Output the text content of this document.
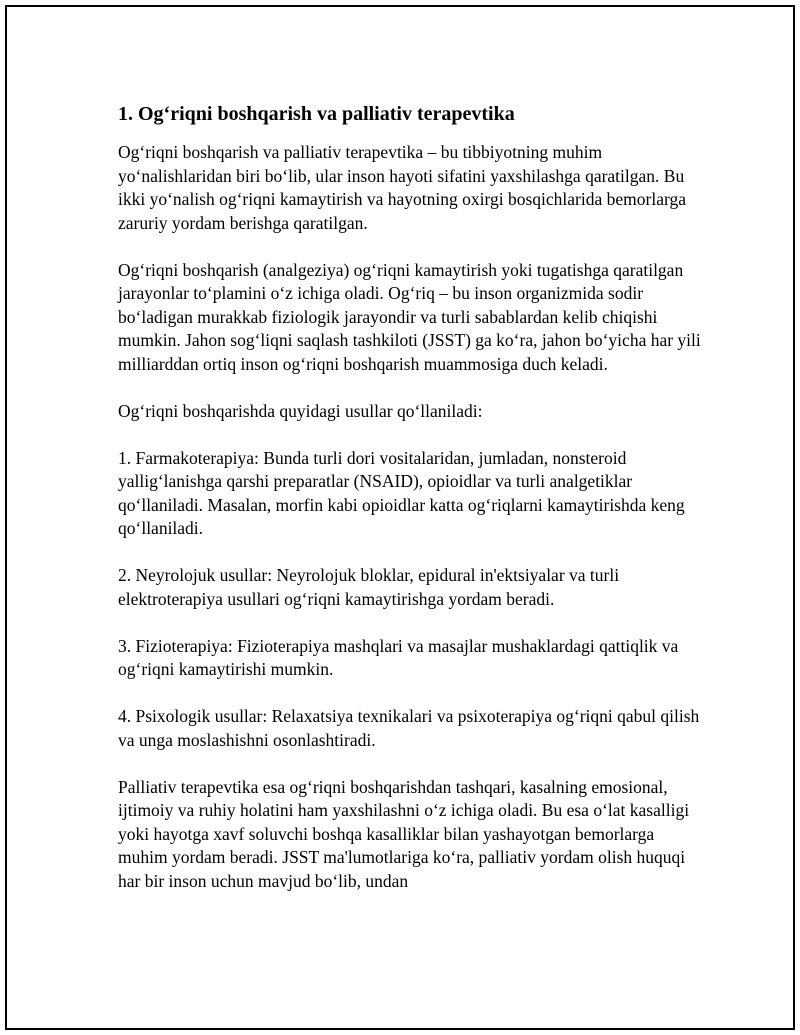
1. Og‘riqni boshqarish va palliativ terapevtika

Og‘riqni boshqarish va palliativ terapevtika – bu tibbiyotning muhim yo‘nalishlaridan biri bo‘lib, ular inson hayoti sifatini yaxshilashga qaratilgan. Bu ikki yo‘nalish og‘riqni kamaytirish va hayotning oxirgi bosqichlarida bemorlarga zaruriy yordam berishga qaratilgan.

Og‘riqni boshqarish (analgeziya) og‘riqni kamaytirish yoki tugatishga qaratilgan jarayonlar to‘plamini o‘z ichiga oladi. Og‘riq – bu inson organizmida sodir bo‘ladigan murakkab fiziologik jarayondir va turli sabablardan kelib chiqishi mumkin. Jahon sog‘liqni saqlash tashkiloti (JSST) ga ko‘ra, jahon bo‘yicha har yili milliarddan ortiq inson og‘riqni boshqarish muammosiga duch keladi.

Og‘riqni boshqarishda quyidagi usullar qo‘llaniladi:

1. Farmakoterapiya: Bunda turli dori vositalaridan, jumladan, nonsteroid yallig‘lanishga qarshi preparatlar (NSAID), opioidlar va turli analgetiklar qo‘llaniladi. Masalan, morfin kabi opioidlar katta og‘riqlarni kamaytirishda keng qo‘llaniladi.

2. Neyrolojuk usullar: Neyrolojuk bloklar, epidural in'ektsiyalar va turli elektroterapiya usullari og‘riqni kamaytirishga yordam beradi.

3. Fizioterapiya: Fizioterapiya mashqlari va masajlar mushaklardagi qattiqlik va og‘riqni kamaytirishi mumkin.

4. Psixologik usullar: Relaxatsiya texnikalari va psixoterapiya og‘riqni qabul qilish va unga moslashishni osonlashtiradi.

Palliativ terapevtika esa og‘riqni boshqarishdan tashqari, kasalning emosional, ijtimoiy va ruhiy holatini ham yaxshilashni o‘z ichiga oladi. Bu esa o‘lat kasalligi yoki hayotga xavf soluvchi boshqa kasalliklar bilan yashayotgan bemorlarga muhim yordam beradi. JSST ma'lumotlariga ko‘ra, palliativ yordam olish huquqi har bir inson uchun mavjud bo‘lib, undan
